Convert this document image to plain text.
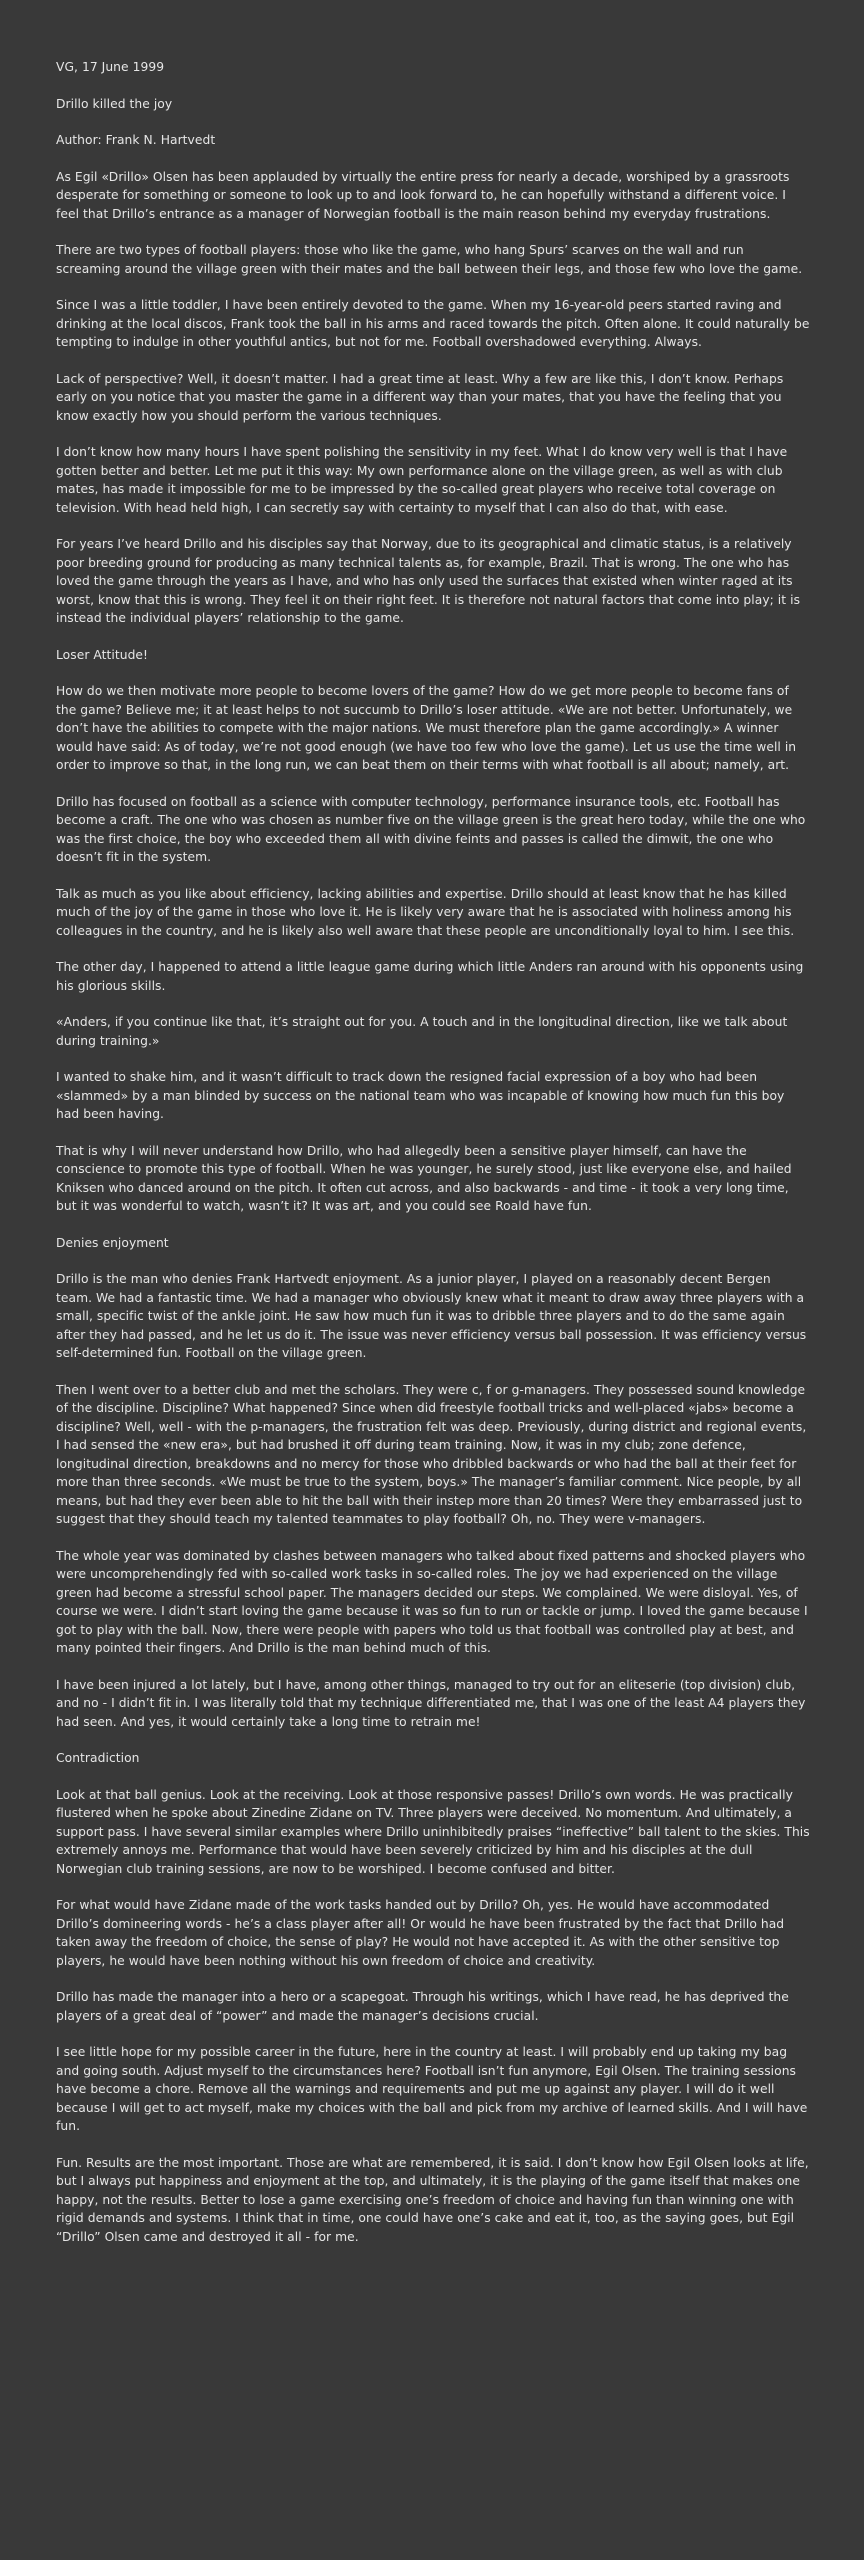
VG, 17 June 1999

Drillo killed the joy

Author: Frank N. Hartvedt

As Egil «Drillo» Olsen has been applauded by virtually the entire press for nearly a decade, worshiped by a grassroots desperate for something or someone to look up to and look forward to, he can hopefully withstand a different voice. I feel that Drillo’s entrance as a manager of Norwegian football is the main reason behind my everyday frustrations.

There are two types of football players: those who like the game, who hang Spurs’ scarves on the wall and run screaming around the village green with their mates and the ball between their legs, and those few who love the game.

Since I was a little toddler, I have been entirely devoted to the game. When my 16-year-old peers started raving and drinking at the local discos, Frank took the ball in his arms and raced towards the pitch. Often alone. It could naturally be tempting to indulge in other youthful antics, but not for me. Football overshadowed everything. Always.

Lack of perspective? Well, it doesn’t matter. I had a great time at least. Why a few are like this, I don’t know. Perhaps early on you notice that you master the game in a different way than your mates, that you have the feeling that you know exactly how you should perform the various techniques.

I don’t know how many hours I have spent polishing the sensitivity in my feet. What I do know very well is that I have gotten better and better. Let me put it this way: My own performance alone on the village green, as well as with club mates, has made it impossible for me to be impressed by the so-called great players who receive total coverage on television. With head held high, I can secretly say with certainty to myself that I can also do that, with ease.

For years I’ve heard Drillo and his disciples say that Norway, due to its geographical and climatic status, is a relatively poor breeding ground for producing as many technical talents as, for example, Brazil. That is wrong. The one who has loved the game through the years as I have, and who has only used the surfaces that existed when winter raged at its worst, know that this is wrong. They feel it on their right feet. It is therefore not natural factors that come into play; it is instead the individual players’ relationship to the game.

Loser Attitude!

How do we then motivate more people to become lovers of the game? How do we get more people to become fans of the game? Believe me; it at least helps to not succumb to Drillo’s loser attitude. «We are not better. Unfortunately, we don’t have the abilities to compete with the major nations. We must therefore plan the game accordingly.» A winner would have said: As of today, we’re not good enough (we have too few who love the game). Let us use the time well in order to improve so that, in the long run, we can beat them on their terms with what football is all about; namely, art.

Drillo has focused on football as a science with computer technology, performance insurance tools, etc. Football has become a craft. The one who was chosen as number five on the village green is the great hero today, while the one who was the first choice, the boy who exceeded them all with divine feints and passes is called the dimwit, the one who doesn’t fit in the system.

Talk as much as you like about efficiency, lacking abilities and expertise. Drillo should at least know that he has killed much of the joy of the game in those who love it. He is likely very aware that he is associated with holiness among his colleagues in the country, and he is likely also well aware that these people are unconditionally loyal to him. I see this.

The other day, I happened to attend a little league game during which little Anders ran around with his opponents using his glorious skills.

«Anders, if you continue like that, it’s straight out for you. A touch and in the longitudinal direction, like we talk about during training.»

I wanted to shake him, and it wasn’t difficult to track down the resigned facial expression of a boy who had been «slammed» by a man blinded by success on the national team who was incapable of knowing how much fun this boy had been having.

That is why I will never understand how Drillo, who had allegedly been a sensitive player himself, can have the conscience to promote this type of football. When he was younger, he surely stood, just like everyone else, and hailed Kniksen who danced around on the pitch. It often cut across, and also backwards - and time - it took a very long time, but it was wonderful to watch, wasn’t it? It was art, and you could see Roald have fun.

Denies enjoyment

Drillo is the man who denies Frank Hartvedt enjoyment. As a junior player, I played on a reasonably decent Bergen team. We had a fantastic time. We had a manager who obviously knew what it meant to draw away three players with a small, specific twist of the ankle joint. He saw how much fun it was to dribble three players and to do the same again after they had passed, and he let us do it. The issue was never efficiency versus ball possession. It was efficiency versus self-determined fun. Football on the village green.

Then I went over to a better club and met the scholars. They were c, f or g-managers. They possessed sound knowledge of the discipline. Discipline? What happened? Since when did freestyle football tricks and well-placed «jabs» become a discipline? Well, well - with the p-managers, the frustration felt was deep. Previously, during district and regional events, I had sensed the «new era», but had brushed it off during team training. Now, it was in my club; zone defence, longitudinal direction, breakdowns and no mercy for those who dribbled backwards or who had the ball at their feet for more than three seconds. «We must be true to the system, boys.» The manager’s familiar comment. Nice people, by all means, but had they ever been able to hit the ball with their instep more than 20 times? Were they embarrassed just to suggest that they should teach my talented teammates to play football? Oh, no. They were v-managers.

The whole year was dominated by clashes between managers who talked about fixed patterns and shocked players who were uncomprehendingly fed with so-called work tasks in so-called roles. The joy we had experienced on the village green had become a stressful school paper. The managers decided our steps. We complained. We were disloyal. Yes, of course we were. I didn’t start loving the game because it was so fun to run or tackle or jump. I loved the game because I got to play with the ball. Now, there were people with papers who told us that football was controlled play at best, and many pointed their fingers. And Drillo is the man behind much of this.

I have been injured a lot lately, but I have, among other things, managed to try out for an eliteserie (top division) club, and no - I didn’t fit in. I was literally told that my technique differentiated me, that I was one of the least A4 players they had seen. And yes, it would certainly take a long time to retrain me!

Contradiction

Look at that ball genius. Look at the receiving. Look at those responsive passes! Drillo’s own words. He was practically flustered when he spoke about Zinedine Zidane on TV. Three players were deceived. No momentum. And ultimately, a support pass. I have several similar examples where Drillo uninhibitedly praises “ineffective” ball talent to the skies. This extremely annoys me. Performance that would have been severely criticized by him and his disciples at the dull Norwegian club training sessions, are now to be worshiped. I become confused and bitter.

For what would have Zidane made of the work tasks handed out by Drillo? Oh, yes. He would have accommodated Drillo’s domineering words - he’s a class player after all! Or would he have been frustrated by the fact that Drillo had taken away the freedom of choice, the sense of play? He would not have accepted it. As with the other sensitive top players, he would have been nothing without his own freedom of choice and creativity.

Drillo has made the manager into a hero or a scapegoat. Through his writings, which I have read, he has deprived the players of a great deal of “power” and made the manager’s decisions crucial.

I see little hope for my possible career in the future, here in the country at least. I will probably end up taking my bag and going south. Adjust myself to the circumstances here? Football isn’t fun anymore, Egil Olsen. The training sessions have become a chore. Remove all the warnings and requirements and put me up against any player. I will do it well because I will get to act myself, make my choices with the ball and pick from my archive of learned skills. And I will have fun.

Fun. Results are the most important. Those are what are remembered, it is said. I don’t know how Egil Olsen looks at life, but I always put happiness and enjoyment at the top, and ultimately, it is the playing of the game itself that makes one happy, not the results. Better to lose a game exercising one’s freedom of choice and having fun than winning one with rigid demands and systems. I think that in time, one could have one’s cake and eat it, too, as the saying goes, but Egil “Drillo” Olsen came and destroyed it all - for me.
